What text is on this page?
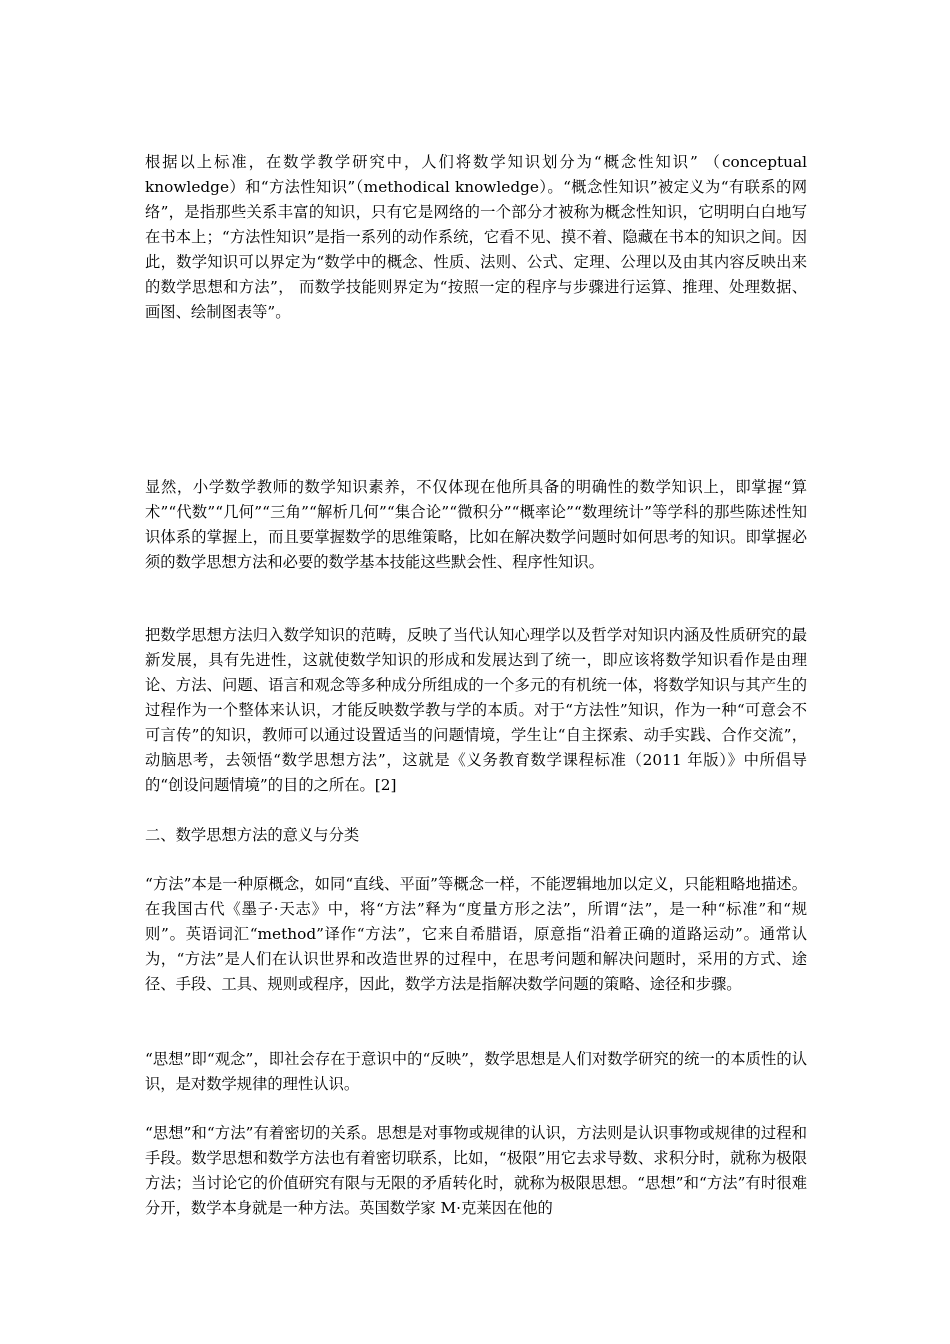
根据以上标准，在数学教学研究中，人们将数学知识划分为“概念性知识” （conceptual knowledge）和“方法性知识”（methodical knowledge）。“概念性知识”被定义为“有联系的网络”，是指那些关系丰富的知识，只有它是网络的一个部分才被称为概念性知识，它明明白白地写在书本上；“方法性知识”是指一系列的动作系统，它看不见、摸不着、隐藏在书本的知识之间。因此，数学知识可以界定为“数学中的概念、性质、法则、公式、定理、公理以及由其内容反映出来的数学思想和方法”， 而数学技能则界定为“按照一定的程序与步骤进行运算、推理、处理数据、画图、绘制图表等”。

显然，小学数学教师的数学知识素养，不仅体现在他所具备的明确性的数学知识上，即掌握“算术”“代数”“几何”“三角”“解析几何”“集合论”“微积分”“概率论”“数理统计”等学科的那些陈述性知识体系的掌握上，而且要掌握数学的思维策略，比如在解决数学问题时如何思考的知识。即掌握必须的数学思想方法和必要的数学基本技能这些默会性、程序性知识。

把数学思想方法归入数学知识的范畴，反映了当代认知心理学以及哲学对知识内涵及性质研究的最新发展，具有先进性，这就使数学知识的形成和发展达到了统一，即应该将数学知识看作是由理论、方法、问题、语言和观念等多种成分所组成的一个多元的有机统一体，将数学知识与其产生的过程作为一个整体来认识，才能反映数学教与学的本质。对于“方法性”知识，作为一种“可意会不可言传”的知识，教师可以通过设置适当的问题情境，学生让“自主探索、动手实践、合作交流”，动脑思考，去领悟“数学思想方法”，这就是《义务教育数学课程标准（2011 年版）》中所倡导的“创设问题情境”的目的之所在。[2]

二、数学思想方法的意义与分类

“方法”本是一种原概念，如同“直线、平面”等概念一样，不能逻辑地加以定义，只能粗略地描述。在我国古代《墨子·天志》中，将“方法”释为“度量方形之法”，所谓“法”，是一种“标准”和“规则”。英语词汇“method”译作“方法”，它来自希腊语，原意指“沿着正确的道路运动”。通常认为，“方法”是人们在认识世界和改造世界的过程中，在思考问题和解决问题时，采用的方式、途径、手段、工具、规则或程序，因此，数学方法是指解决数学问题的策略、途径和步骤。

“思想”即“观念”，即社会存在于意识中的“反映”，数学思想是人们对数学研究的统一的本质性的认识，是对数学规律的理性认识。

“思想”和“方法”有着密切的关系。思想是对事物或规律的认识，方法则是认识事物或规律的过程和手段。数学思想和数学方法也有着密切联系，比如，“极限”用它去求导数、求积分时，就称为极限方法；当讨论它的价值研究有限与无限的矛盾转化时，就称为极限思想。“思想”和“方法”有时很难分开，数学本身就是一种方法。英国数学家 M·克莱因在他的
